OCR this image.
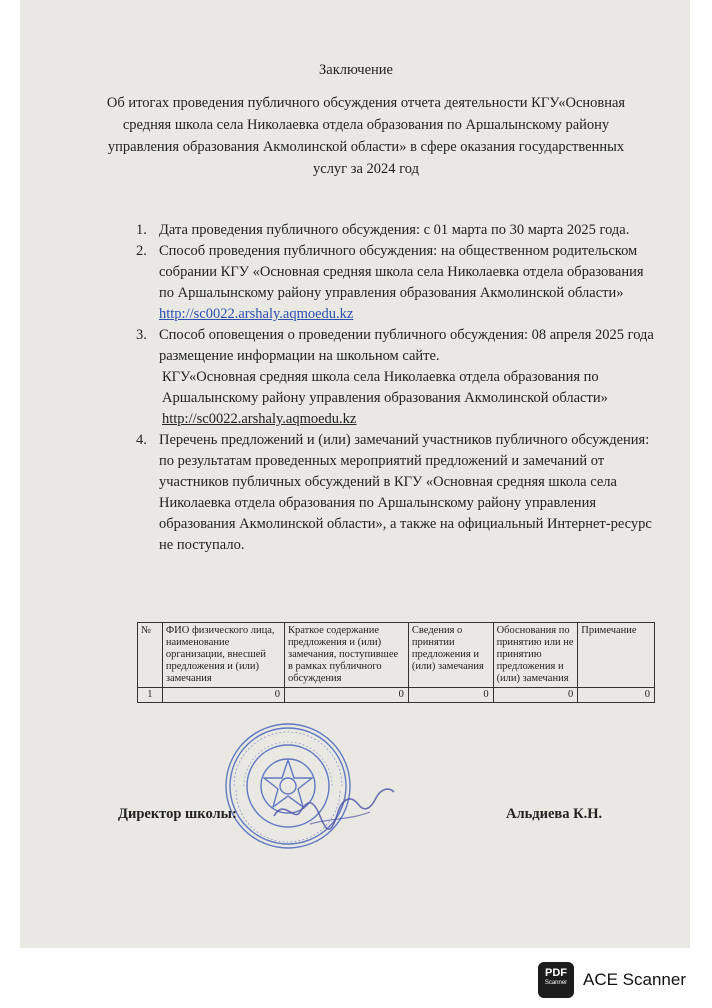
Заключение
Об итогах проведения публичного обсуждения отчета деятельности КГУ«Основная средняя школа села Николаевка отдела образования по Аршалынскому району управления образования Акмолинской области» в сфере оказания государственных услуг за 2024 год
1. Дата проведения публичного обсуждения: с 01 марта по 30 марта 2025 года.
2. Способ проведения публичного обсуждения: на общественном родительском собрании КГУ «Основная средняя школа села Николаевка отдела образования по Аршалынскому району управления образования Акмолинской области» http://sc0022.arshaly.aqmoedu.kz
3. Способ оповещения о проведении публичного обсуждения: 08 апреля 2025 года размещение информации на школьном сайте.
КГУ«Основная средняя школа села Николаевка отдела образования по Аршалынскому району управления образования Акмолинской области» http://sc0022.arshaly.aqmoedu.kz
4. Перечень предложений и (или) замечаний участников публичного обсуждения: по результатам проведенных мероприятий предложений и замечаний от участников публичных обсуждений в КГУ «Основная средняя школа села Николаевка отдела образования по Аршалынскому району управления образования Акмолинской области», а также на официальный Интернет-ресурс не поступало.
№	ФИО физического лица, наименование организации, внесшей предложения и (или) замечания	Краткое содержание предложения и (или) замечания, поступившее в рамках публичного обсуждения	Сведения о принятии предложения и (или) замечания	Обоснования по принятию или не принятию предложения и (или) замечания	Примечание
1	0	0	0	0	0
Директор школы:	Альдиева К.Н.
PDF
Scanner ACE Scanner
